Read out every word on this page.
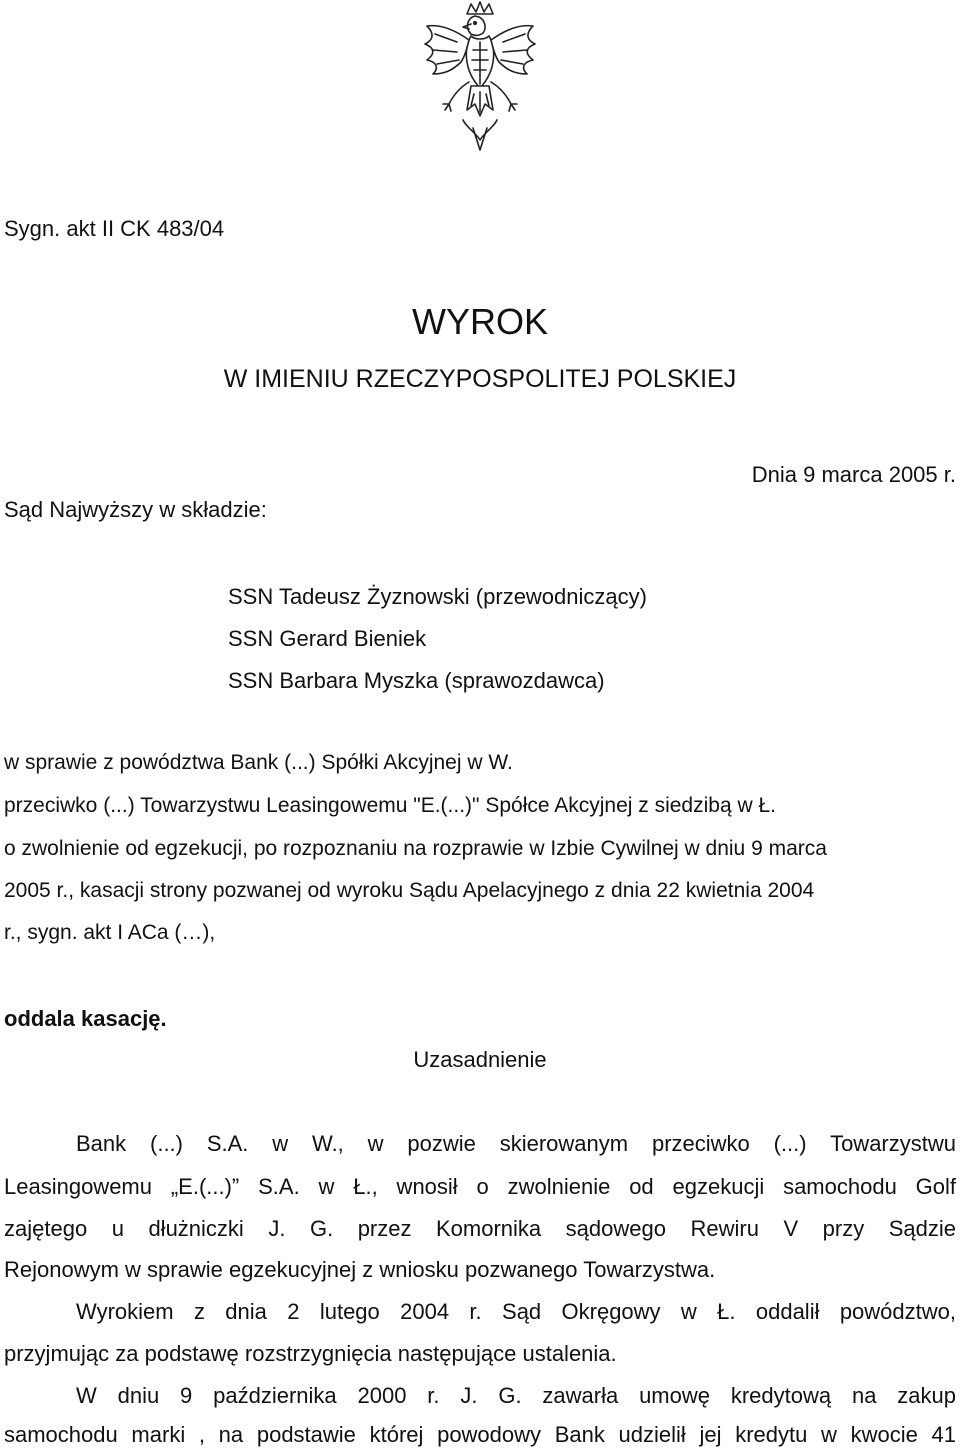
Sygn. akt II CK 483/04
WYROK
W IMIENIU RZECZYPOSPOLITEJ POLSKIEJ
Dnia 9 marca 2005 r.
Sąd Najwyższy w składzie:
SSN Tadeusz Żyznowski (przewodniczący)
SSN Gerard Bieniek
SSN Barbara Myszka (sprawozdawca)
w sprawie z powództwa Bank (...) Spółki Akcyjnej w W.
przeciwko (...) Towarzystwu Leasingowemu "E.(...)" Spółce Akcyjnej z siedzibą w Ł.
o zwolnienie od egzekucji, po rozpoznaniu na rozprawie w Izbie Cywilnej w dniu 9 marca
2005 r., kasacji strony pozwanej od wyroku Sądu Apelacyjnego z dnia 22 kwietnia 2004
r., sygn. akt I ACa (…),
oddala kasację.
Uzasadnienie
Bank (...) S.A. w W., w pozwie skierowanym przeciwko (...) Towarzystwu
Leasingowemu „E.(...)” S.A. w Ł., wnosił o zwolnienie od egzekucji samochodu Golf
zajętego u dłużniczki J. G. przez Komornika sądowego Rewiru V przy Sądzie
Rejonowym w sprawie egzekucyjnej z wniosku pozwanego Towarzystwa.
Wyrokiem z dnia 2 lutego 2004 r. Sąd Okręgowy w Ł. oddalił powództwo,
przyjmując za podstawę rozstrzygnięcia następujące ustalenia.
W dniu 9 października 2000 r. J. G. zawarła umowę kredytową na zakup
samochodu marki , na podstawie której powodowy Bank udzielił jej kredytu w kwocie 41
